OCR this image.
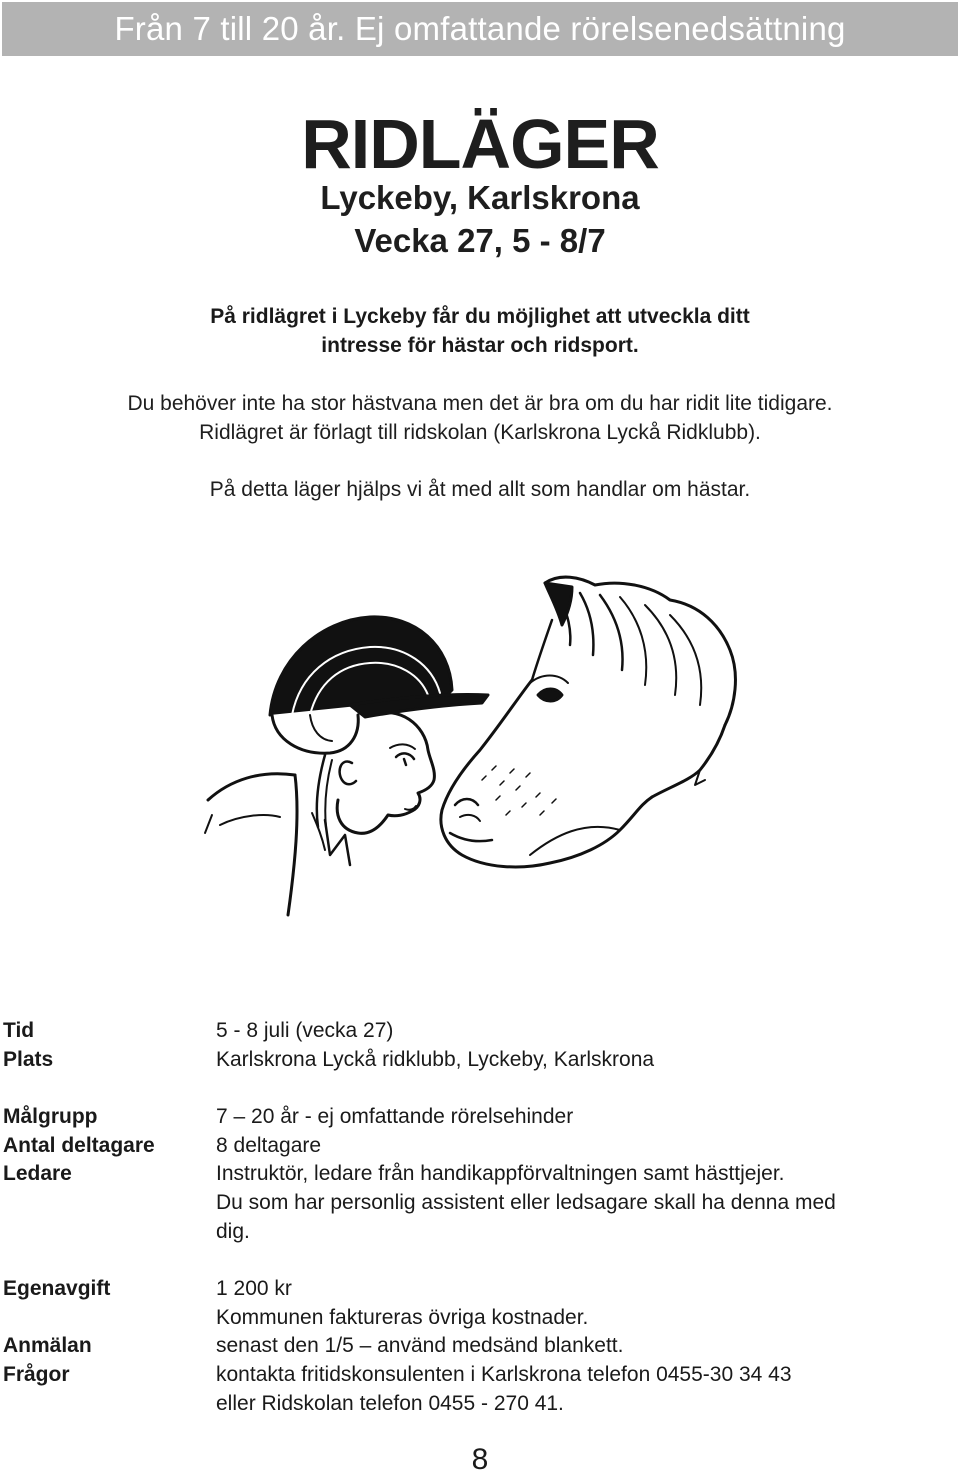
Från 7 till 20 år. Ej omfattande rörelsenedsättning
RIDLÄGER
Lyckeby, Karlskrona
Vecka 27, 5 - 8/7
På ridlägret i Lyckeby får du möjlighet att utveckla ditt
intresse för hästar och ridsport.
Du behöver inte ha stor hästvana men det är bra om du har ridit lite tidigare.
Ridlägret är förlagt till ridskolan (Karlskrona Lyckå Ridklubb).
På detta läger hjälps vi åt med allt som handlar om hästar.
Tid	5 - 8 juli (vecka 27)
Plats	Karlskrona Lyckå ridklubb, Lyckeby, Karlskrona
Målgrupp	7 – 20 år - ej omfattande rörelsehinder
Antal deltagare	8 deltagare
Ledare	Instruktör, ledare från handikappförvaltningen samt hästtjejer.
Du som har personlig assistent eller ledsagare skall ha denna med
dig.
Egenavgift	1 200 kr
Kommunen faktureras övriga kostnader.
Anmälan	senast den 1/5 – använd medsänd blankett.
Frågor	kontakta fritidskonsulenten i Karlskrona telefon 0455-30 34 43
eller Ridskolan telefon 0455 - 270 41.
8
